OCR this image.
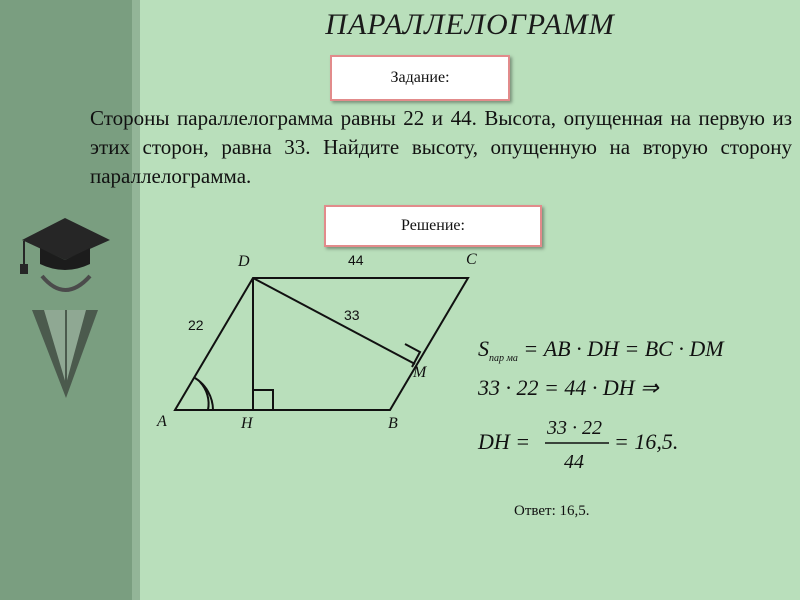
ПАРАЛЛЕЛОГРАММ
Задание:
Стороны параллелограмма равны 22 и 44. Высота, опущенная на первую из этих сторон, равна 33. Найдите высоту, опущенную на вторую сторону параллелограмма.
Решение:
A	B
C
D
H
M
22
44
33
$S_{пар ма}$ = AB · DH = BC · DM
33 · 22 = 44 · DH ⇒
DH =
33 · 22
44
= 16,5.
Ответ: 16,5.
